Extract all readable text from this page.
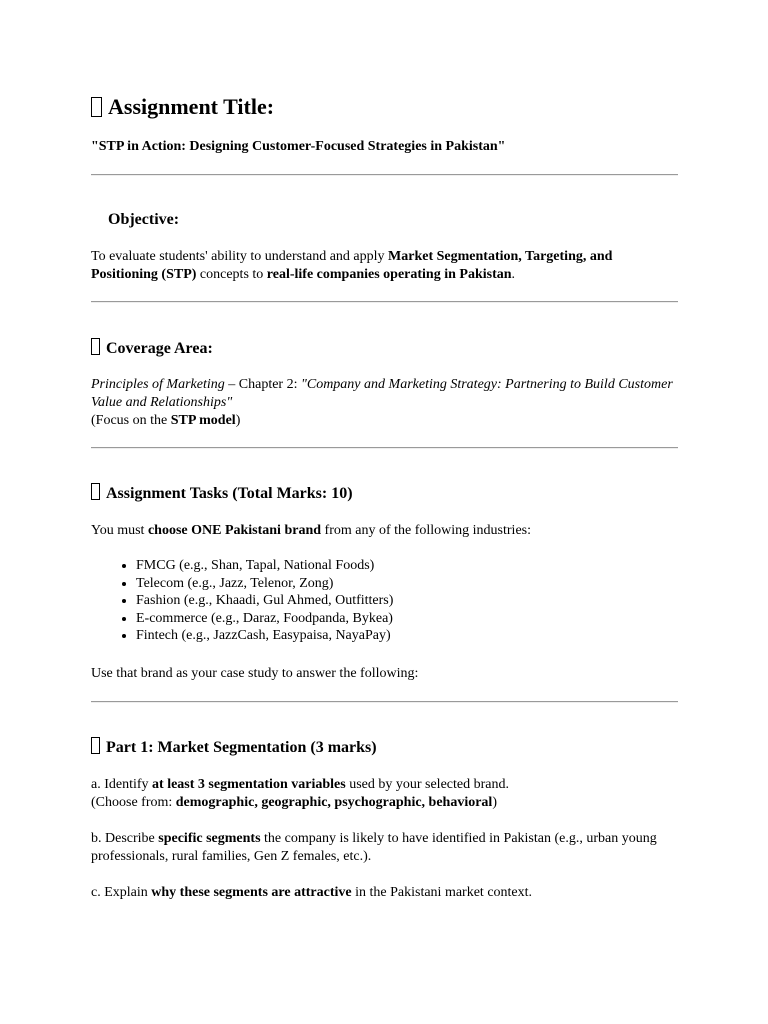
Assignment Title:
"STP in Action: Designing Customer-Focused Strategies in Pakistan"
Objective:
To evaluate students' ability to understand and apply Market Segmentation, Targeting, and Positioning (STP) concepts to real-life companies operating in Pakistan.
Coverage Area:
Principles of Marketing – Chapter 2: "Company and Marketing Strategy: Partnering to Build Customer Value and Relationships"
(Focus on the STP model)
Assignment Tasks (Total Marks: 10)
You must choose ONE Pakistani brand from any of the following industries:
• FMCG (e.g., Shan, Tapal, National Foods)
• Telecom (e.g., Jazz, Telenor, Zong)
• Fashion (e.g., Khaadi, Gul Ahmed, Outfitters)
• E-commerce (e.g., Daraz, Foodpanda, Bykea)
• Fintech (e.g., JazzCash, Easypaisa, NayaPay)
Use that brand as your case study to answer the following:
Part 1: Market Segmentation (3 marks)
a. Identify at least 3 segmentation variables used by your selected brand.
(Choose from: demographic, geographic, psychographic, behavioral)
b. Describe specific segments the company is likely to have identified in Pakistan (e.g., urban young professionals, rural families, Gen Z females, etc.).
c. Explain why these segments are attractive in the Pakistani market context.
